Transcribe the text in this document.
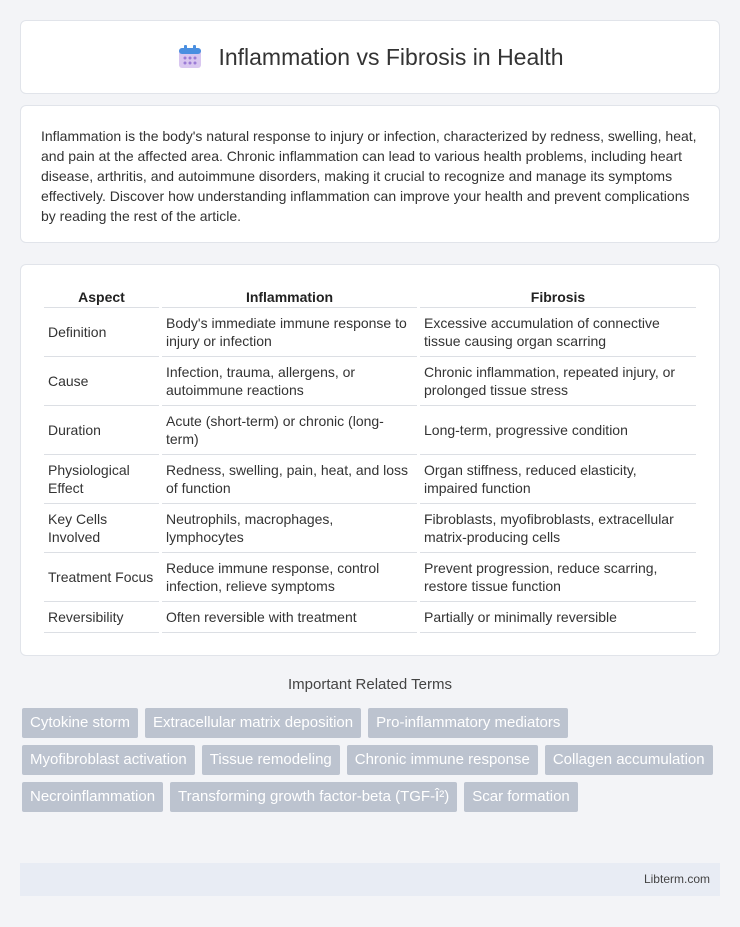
Inflammation vs Fibrosis in Health

Inflammation is the body's natural response to injury or infection, characterized by redness, swelling, heat, and pain at the affected area. Chronic inflammation can lead to various health problems, including heart disease, arthritis, and autoimmune disorders, making it crucial to recognize and manage its symptoms effectively. Discover how understanding inflammation can improve your health and prevent complications by reading the rest of the article.

Aspect	Inflammation	Fibrosis
Definition	Body's immediate immune response to injury or infection	Excessive accumulation of connective tissue causing organ scarring
Cause	Infection, trauma, allergens, or autoimmune reactions	Chronic inflammation, repeated injury, or prolonged tissue stress
Duration	Acute (short-term) or chronic (long-term)	Long-term, progressive condition
Physiological Effect	Redness, swelling, pain, heat, and loss of function	Organ stiffness, reduced elasticity, impaired function
Key Cells Involved	Neutrophils, macrophages, lymphocytes	Fibroblasts, myofibroblasts, extracellular matrix-producing cells
Treatment Focus	Reduce immune response, control infection, relieve symptoms	Prevent progression, reduce scarring, restore tissue function
Reversibility	Often reversible with treatment	Partially or minimally reversible
Important Related Terms
Cytokine storm	Extracellular matrix deposition	Pro-inflammatory mediators
Myofibroblast activation	Tissue remodeling	Chronic immune response	Collagen accumulation
Necroinflammation	Transforming growth factor-beta (TGF-Î²)	Scar formation
Libterm.com
